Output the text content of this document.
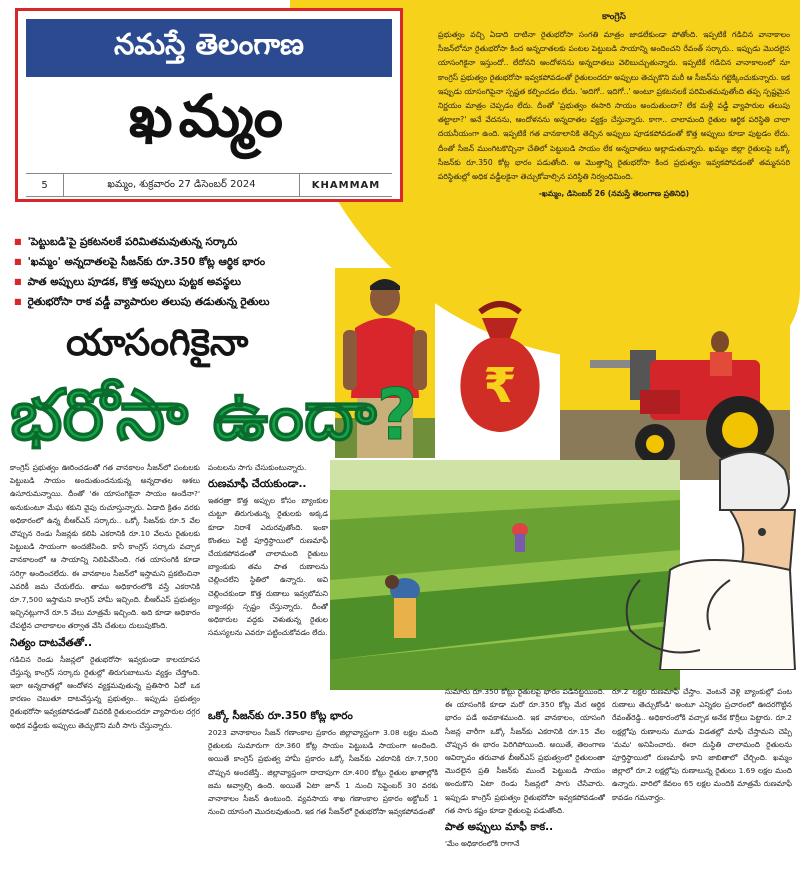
కాంగ్రెస్
ప్రభుత్వం వచ్చి ఏడాది దాటినా రైతుభరోసా సంగతి మాత్రం జాడలేకుండా పోతోంది. ఇప్పటికే గడిచిన వానాకాలం సీజన్‌లోనూ రైతుభరోసా కింద అన్నదాతలకు పంటల పెట్టుబడి సాయాన్ని అందించని రేవంత్ సర్కారు.. ఇప్పుడు మొదలైన యాసంగికైనా ఇస్తుందో.. లేదోనని ఆందోళనను అన్నదాతలు వెలిబుచ్చుతున్నారు. ఇప్పటికే గడిచిన వానాకాలంలో నూ కాంగ్రెస్ ప్రభుత్వం రైతుభరోసా ఇవ్వకపోవడంతో రైతులందరూ అప్పులు తెచ్చుకొని మరీ ఆ సీజన్‌ను గట్టెక్కించుకున్నారు. ఇక ఇప్పుడు యాసంగిపైనా స్పష్టత కల్పించడం లేదు. 'అదిగో.. ఇదిగో..' అంటూ ప్రకటనలకే పరిమితమవుతోంది తప్ప స్పష్టమైన నిర్ణయం మాత్రం చెప్పడం లేదు. దీంతో 'ప్రభుత్వం ఈసారి సాయం అందుతుందా? లేక మళ్లీ వడ్డీ వ్యాపారుల తలుపు తట్టాలా?' అనే వేదనను, ఆందోళనను అన్నదాతల వ్యక్తం చేస్తున్నారు. కాగా.. చాలామంది రైతుల ఆర్థిక పరిస్థితి చాలా దయనీయంగా ఉంది. ఇప్పటికే గత వానకాలానికి తెచ్చిన అప్పులు పూడకపోవడంతో కొత్త అప్పులు కూడా పుట్టడం లేదు. దీంతో సీజన్ ముంగిటకొచ్చినా చేతిలో పెట్టుబడి సాయం లేక అన్నదాతలు అల్లాడుతున్నారు. ఖమ్మం జిల్లా రైతులపై ఒక్కో సీజన్‌కు రూ.350 కోట్ల భారం పడుతోంది. ఆ మొత్తాన్ని రైతుభరోసా కింద ప్రభుత్వం ఇవ్వకపోవడంతో తమ్మనసరి పరిస్థితుల్లో అధిక వడ్డీలకైనా తెచ్చుకోవాల్సిన పరిస్థితి నిర్వంధిమింది.
-ఖమ్మం, డిసెంబర్ 26 (నమస్తే తెలంగాణ ప్రతినిధి)
నమస్తే తెలంగాణ
ఖమ్మం
5	ఖమ్మం, శుక్రవారం 27 డిసెంబర్ 2024	KHAMMAM
■ 'పెట్టుబడి'పై ప్రకటనలకే పరిమితమవుతున్న సర్కారు
■ 'ఖమ్మం' అన్నదాతలపై సీజన్‌కు రూ.350 కోట్ల ఆర్థిక భారం
■ పాత అప్పులు పూడక, కొత్త అప్పులు పుట్టక అవస్థలు
■ రైతుభరోసా రాక వడ్డీ వ్యాపారుల తలుపు తడుతున్న రైతులు
₹
యాసంగికైనా
భరోసా ఉందా?

కాంగ్రెస్ ప్రభుత్వం ఊరించడంతో గత వానకాలం సీజన్‌లో పంటలకు పెట్టుబడి సాయం అందుతుందనుకున్న అన్నదాతల ఆశలు ఉసూరుమన్నాయి. దీంతో 'ఈ యాసంగికైనా సాయం అందేనా?' అనుకుంటూ మేఘ శకుని వైపు రుచూస్తున్నారు. ఏడాది క్రితం వరకు అధికారంలో ఉన్న బీఆర్‌ఎస్ సర్కారు.. ఒక్కో సీజన్‌కు రూ.5 వేల చొప్పున రెండు సీజన్లకు కలిపి ఎకరానికి రూ.10 వేలను రైతులకు పెట్టుబడి సాయంగా అందజేసింది. కానీ కాంగ్రెస్ సర్కారు వచ్చాక వానకాలంలో ఆ సాయాన్ని నిలిపివేసింది. గత యాసంగికి కూడా సరిగ్గా అందించలేదు. ఈ వానకాలం సీజన్‌లో ఇస్తామని ప్రకటించినా ఎవరికీ జమ చేయలేదు. తాము అధికారంలోకి వస్తే ఎకరానికి రూ.7,500 ఇస్తామని కాంగ్రెస్ హామీ ఇచ్చింది. బీఆర్‌ఎస్ ప్రభుత్వం ఇచ్చినట్లుగానే రూ.5 వేలు మాత్రమే ఇచ్చింది. అది కూడా అధికారం చేపట్టిన చాలాకాలం తర్వాత వేసి చేతులు దులుపుకొంది.

నిత్యం దాటవేతతో..

గడిచిన రెండు సీజన్లలో రైతుభరోసా ఇవ్వకుండా కాలయాపన చేస్తున్న కాంగ్రెస్ సర్కారు రైతుల్లో తిరుగుబాటును వ్యక్తం చేస్తోంది. ఇలా అన్నదాతల్లో ఆందోళన వ్యక్తమవుతున్న ప్రతిసారి ఏదో ఒక కారణం చెబుతూ దాటవేస్తున్న ప్రభుత్వం.. ఇప్పుడు ప్రభుత్వం రైతుభరోసా ఇవ్వకపోవడంతో చివరికి రైతులందరూ వ్యాపారుల దగ్గర అధిక వడ్డీలకు అప్పులు తెచ్చుకొని మరీ సాగు చేస్తున్నారు.

పంటలను సాగు చేసుకుంటున్నారు.

రుణమాఫీ చేయకుండా..

ఇతరత్రా కొత్త అప్పుల కోసం బ్యాంకుల చుట్టూ తిరుగుతున్న రైతులకు అక్కడ కూడా నిరాశే ఎదురవుతోంది. ఇంకా కొంతలు పెట్టి పూర్తిస్థాయిలో రుణమాఫీ చేయకపోవడంతో చాలామంది రైతులు బ్యాంకుకు తమ పాత రుణాలను చెల్లించలేని స్థితిలో ఉన్నారు. అవి చెల్లించకుండా కొత్త రుణాలు ఇవ్వబోమని బ్యాంకర్లు స్పష్టం చేస్తున్నారు. దీంతో అధికారుల వద్దకు వెళుతున్న రైతుల సమస్యలను ఎవరూ పట్టించుకోవడం లేదు.

ఒక్కో సీజన్‌కు రూ.350 కోట్ల భారం

2023 వానాకాలం సీజన్ గణాంకాల ప్రకారం జిల్లావ్యాప్తంగా 3.08 లక్షల మంది రైతులకు సుమారుగా రూ.360 కోట్ల సాయం పెట్టుబడి సాయంగా అందింది. అయితే కాంగ్రెస్ ప్రభుత్వ హామీ ప్రకారం ఒక్కో సీజన్‌కు ఎకరానికి రూ.7,500 చొప్పున అందజేస్తే.. జిల్లావ్యాప్తంగా దాదాపుగా రూ.400 కోట్లు రైతుల ఖాతాల్లోకి జమ అవ్వాల్సి ఉంది. అయితే ఏటా జూన్ 1 నుంచి సెప్టెంబర్ 30 వరకు వానాకాలం సీజన్ ఉంటుంది. వ్యవసాయ శాఖ గణాంకాల ప్రకారం అక్టోబర్ 1 నుంచి యాసంగి మొదలవుతుంది. ఇక గత సీజన్‌లో రైతుభరోసా ఇవ్వకపోవడంతో

సుమారు రూ.350 కోట్లు రైతులపై భారం పడినట్టయింది. ఈ యాసంగికి కూడా మరో రూ.350 కోట్ల మేర ఆర్థిక భారం పడే అవకాశముంది. ఇక వానకాలం, యాసంగి సీజన్ల వారీగా ఒక్కో సీజన్‌కు ఎకరానికి రూ.15 వేల చొప్పున ఈ భారం పెరిగిపోయింది. అయితే, తెలంగాణ ఆవిర్భావం తరువాత బీఆర్‌ఎస్ ప్రభుత్వంలో రైతులంతా మొదలైన ప్రతి సీజన్‌కు ముందే పెట్టుబడి సాయం అందుకొని ఏటా రెండు సీజన్లలో సాగు చేసేవారు. ఇప్పుడు కాంగ్రెస్ ప్రభుత్వం రైతుభరోసా ఇవ్వకపోవడంతో గత సాగు కష్టం కూడా రైతులపై పడుతోంది.

పాత అప్పులు మాఫీ కాక..

'మేం అధికారంలోకి రాగానే

రూ.2 లక్షల రుణమాఫీ చేస్తాం. వెంటనే వెళ్లి బ్యాంకుల్లో పంట రుణాలు తెచ్చుకోండి' అంటూ ఎన్నికల ప్రచారంలో ఊదరగొట్టిన రేవంత్‌రెడ్డి.. అధికారంలోకి వచ్చాక అనేక కొర్రీలు పెట్టారు. రూ.2 లక్షల్లోపు రుణాలను మూడు విడతల్లో మాఫీ చేస్తామని చెప్పి 'మమ' అనిపించారు. ఈరా దుస్థితి చాలామంది రైతులను పూర్తిస్థాయిలో రుణమాఫీ కాని జాబితాలో చేర్చింది. ఖమ్మం జిల్లాలో రూ.2 లక్షల్లోపు రుణాలున్న రైతులు 1.69 లక్షల మంది ఉన్నారు. వారిలో కేవలం 65 లక్షల మందికి మాత్రమే రుణమాఫీ కావడం గమనార్హం.
